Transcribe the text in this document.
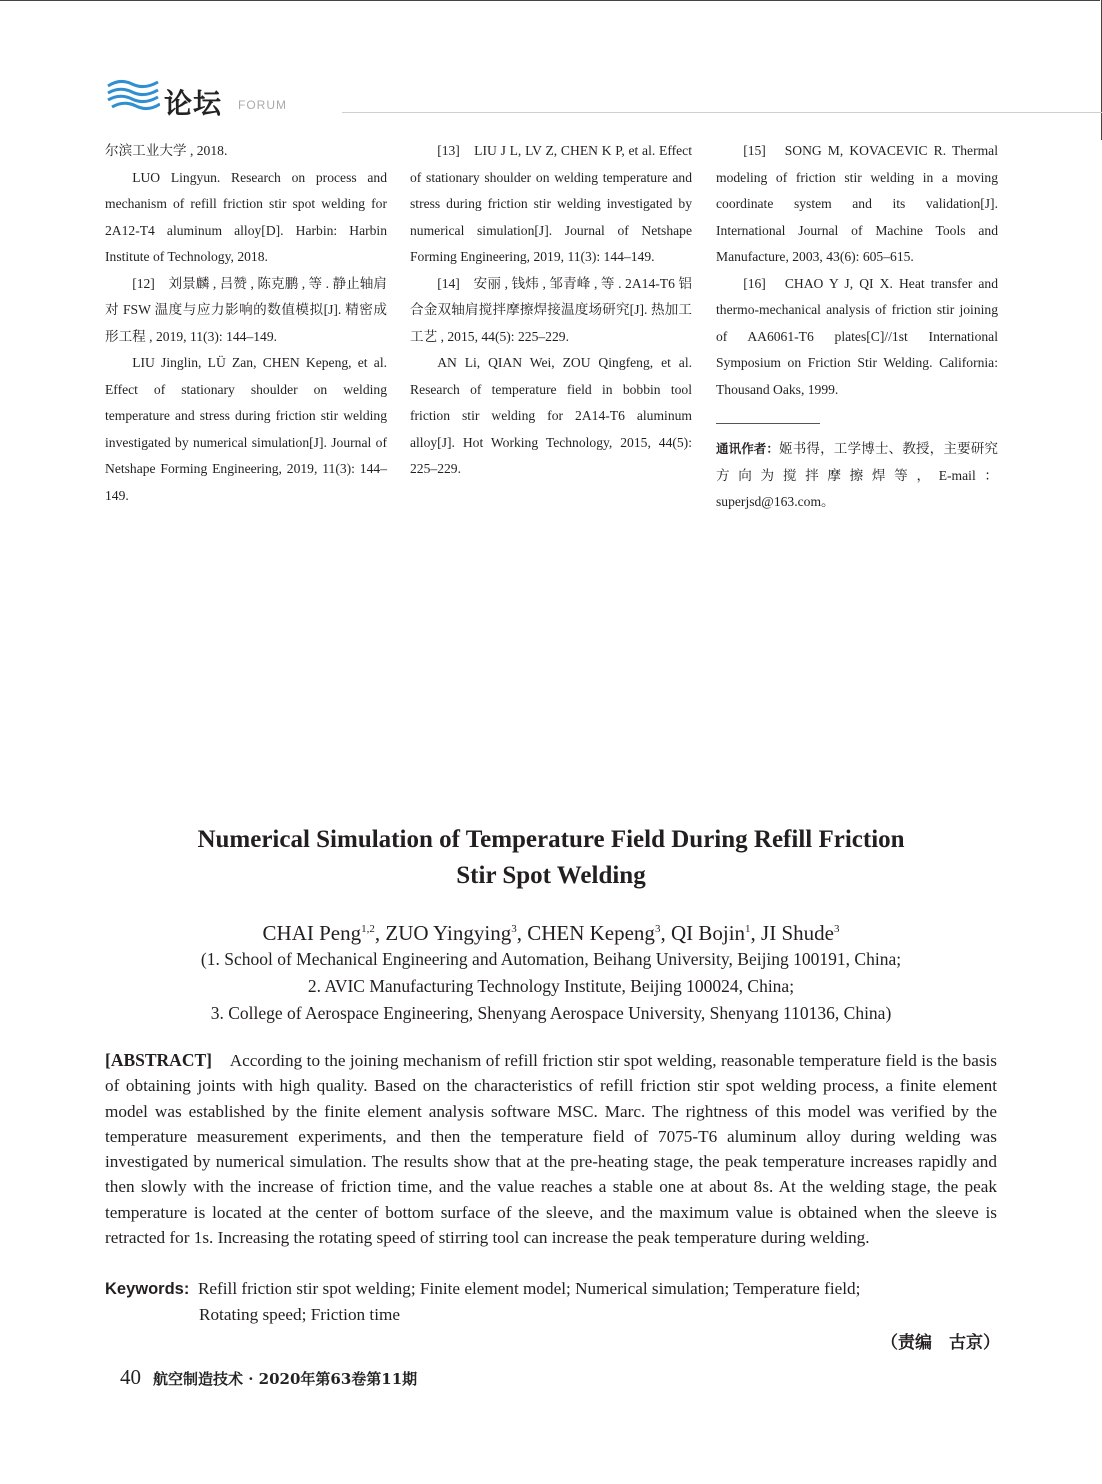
论坛 FORUM

尔滨工业大学 , 2018.

LUO Lingyun. Research on process and mechanism of refill friction stir spot welding for 2A12-T4 aluminum alloy[D]. Harbin: Harbin Institute of Technology, 2018.

[12]　刘景麟 , 吕赞 , 陈克鹏 , 等 . 静止轴肩对 FSW 温度与应力影响的数值模拟[J]. 精密成形工程 , 2019, 11(3): 144–149.

LIU Jinglin, LÜ Zan, CHEN Kepeng, et al. Effect of stationary shoulder on welding temperature and stress during friction stir welding investigated by numerical simulation[J]. Journal of Netshape Forming Engineering, 2019, 11(3): 144–149.

[13]　LIU J L, LV Z, CHEN K P, et al. Effect of stationary shoulder on welding temperature and stress during friction stir welding investigated by numerical simulation[J]. Journal of Netshape Forming Engineering, 2019, 11(3): 144–149.

[14]　安丽 , 钱炜 , 邹青峰 , 等 . 2A14-T6 铝合金双轴肩搅拌摩擦焊接温度场研究[J]. 热加工工艺 , 2015, 44(5): 225–229.

AN Li, QIAN Wei, ZOU Qingfeng, et al. Research of temperature field in bobbin tool friction stir welding for 2A14-T6 aluminum alloy[J]. Hot Working Technology, 2015, 44(5): 225–229.

[15]　SONG M, KOVACEVIC R. Thermal modeling of friction stir welding in a moving coordinate system and its validation[J]. International Journal of Machine Tools and Manufacture, 2003, 43(6): 605–615.

[16]　CHAO Y J, QI X. Heat transfer and thermo-mechanical analysis of friction stir joining of AA6061-T6 plates[C]//1st International Symposium on Friction Stir Welding. California: Thousand Oaks, 1999.

通讯作者：姬书得，工学博士、教授，主要研究方向为搅拌摩擦焊等，E-mail：superjsd@163.com。

Numerical Simulation of Temperature Field During Refill Friction
Stir Spot Welding
CHAI Peng$^{1,2}$, ZUO Yingying$^3$, CHEN Kepeng$^3$, QI Bojin$^1$, JI Shude$^3$
(1. School of Mechanical Engineering and Automation, Beihang University, Beijing 100191, China;
2. AVIC Manufacturing Technology Institute, Beijing 100024, China;
3. College of Aerospace Engineering, Shenyang Aerospace University, Shenyang 110136, China)
[ABSTRACT] According to the joining mechanism of refill friction stir spot welding, reasonable temperature field is the basis of obtaining joints with high quality. Based on the characteristics of refill friction stir spot welding process, a finite element model was established by the finite element analysis software MSC. Marc. The rightness of this model was verified by the temperature measurement experiments, and then the temperature field of 7075-T6 aluminum alloy during welding was investigated by numerical simulation. The results show that at the pre-heating stage, the peak temperature increases rapidly and then slowly with the increase of friction time, and the value reaches a stable one at about 8s. At the welding stage, the peak temperature is located at the center of bottom surface of the sleeve, and the maximum value is obtained when the sleeve is retracted for 1s. Increasing the rotating speed of stirring tool can increase the peak temperature during welding.
Keywords: Refill friction stir spot welding; Finite element model; Numerical simulation; Temperature field;
Rotating speed; Friction time
（责编　古京）
40 航空制造技术 · 2020年第63卷第11期
